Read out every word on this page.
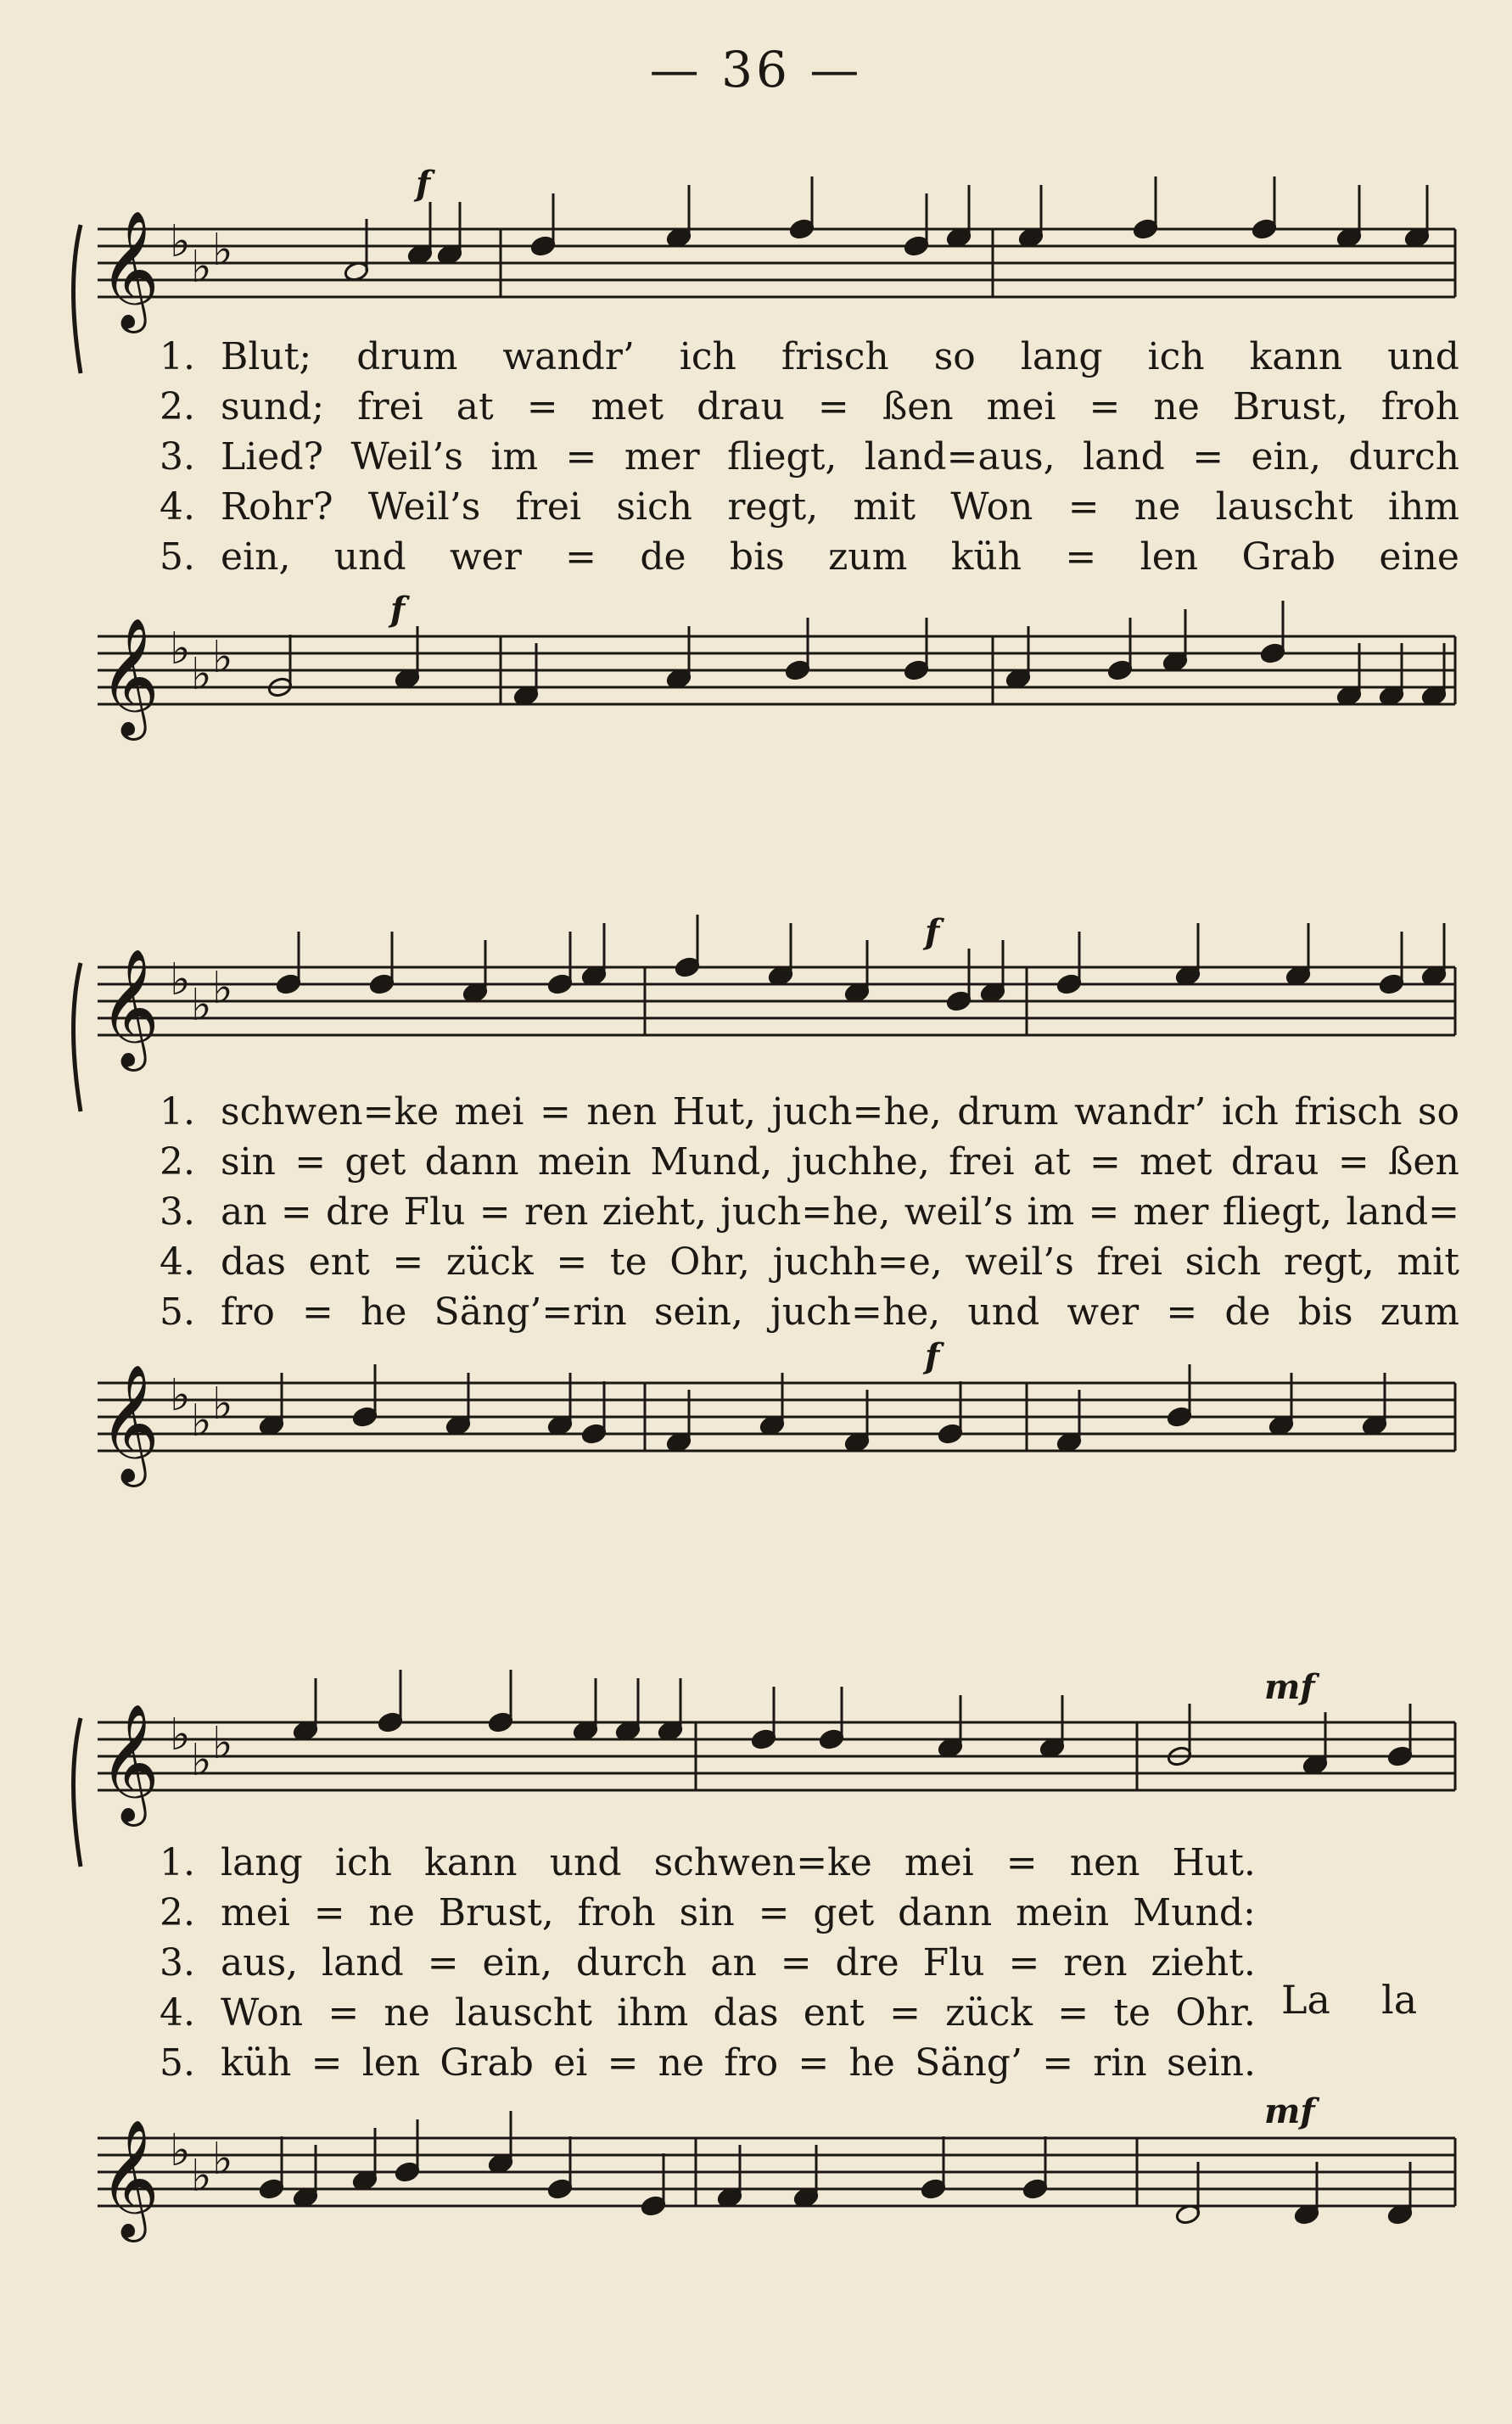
— 36 —
𝄞 ♭ ♭ ♭
f
1. Blut; drum wandr’ ich frisch so lang ich kann und
2. sund; frei at = met drau = ßen mei = ne Brust, froh
3. Lied? Weil’s im = mer fliegt, land=aus, land = ein, durch
4. Rohr? Weil’s frei sich regt, mit Won = ne lauscht ihm
5. ein, und wer = de bis zum küh = len Grab eine
𝄞 ♭ ♭ ♭
f
𝄞 ♭ ♭ ♭
f
1. schwen=ke mei = nen Hut, juch=he, drum wandr’ ich frisch so
2. sin = get dann mein Mund, juchhe, frei at = met drau = ßen
3. an = dre Flu = ren zieht, juch=he, weil’s im = mer fliegt, land=
4. das ent = zück = te Ohr, juchh=e, weil’s frei sich regt, mit
5. fro = he Säng’=rin sein, juch=he, und wer = de bis zum
𝄞 ♭ ♭ ♭
f
𝄞 ♭ ♭ ♭
mf
1. lang ich kann und schwen=ke mei = nen Hut.
2. mei = ne Brust, froh sin = get dann mein Mund:
3. aus, land = ein, durch an = dre Flu = ren zieht.
4. Won = ne lauscht ihm das ent = zück = te Ohr.
5. küh = len Grab ei = ne fro = he Säng’ = rin sein.
La la
𝄞 ♭ ♭ ♭
mf
